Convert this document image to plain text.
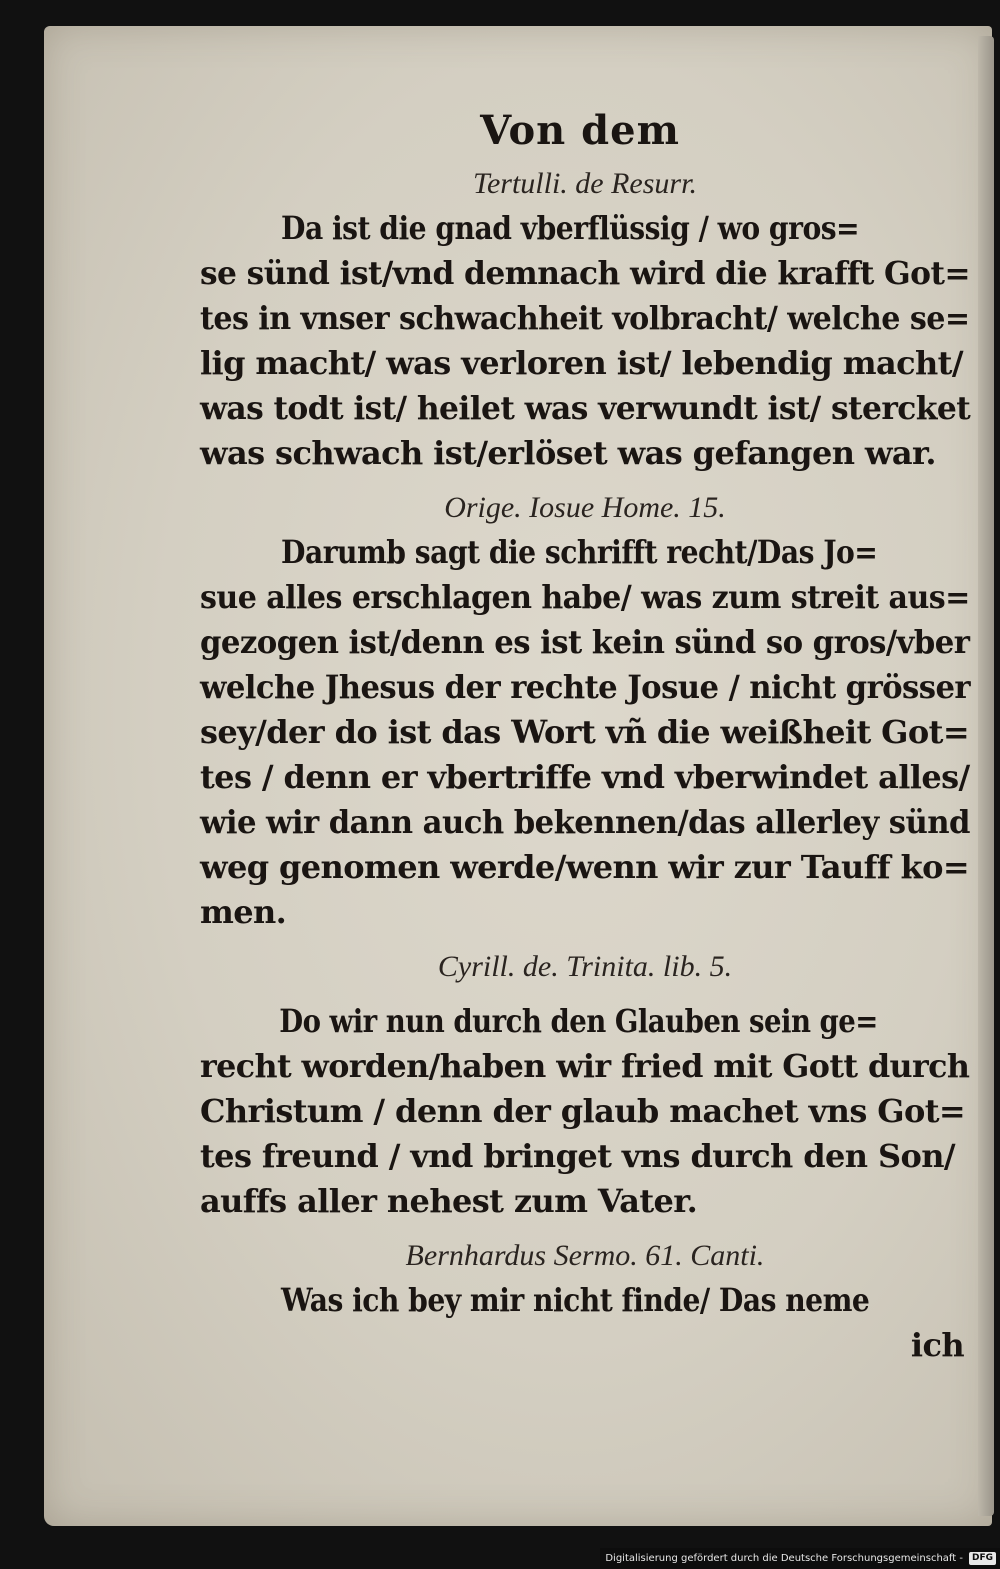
Von dem
Tertulli. de Resurr.

Da ist die gnad vberflüssig / wo gros=
se sünd ist/vnd demnach wird die krafft Got=
tes in vnser schwachheit volbracht/ welche se=
lig macht/ was verloren ist/ lebendig macht/
was todt ist/ heilet was verwundt ist/ stercket
was schwach ist/erlöset was gefangen war.

Orige. Iosue Home. 15.

Darumb sagt die schrifft recht/Das Jo=
sue alles erschlagen habe/ was zum streit aus=
gezogen ist/denn es ist kein sünd so gros/vber
welche Jhesus der rechte Josue / nicht grösser
sey/der do ist das Wort vñ die weißheit Got=
tes / denn er vbertriffe vnd vberwindet alles/
wie wir dann auch bekennen/das allerley sünd
weg genomen werde/wenn wir zur Tauff ko=
men.

Cyrill. de. Trinita. lib. 5.

Do wir nun durch den Glauben sein ge=
recht worden/haben wir fried mit Gott durch
Christum / denn der glaub machet vns Got=
tes freund / vnd bringet vns durch den Son/
auffs aller nehest zum Vater.

Bernhardus Sermo. 61. Canti.

Was ich bey mir nicht finde/ Das neme
ich

Digitalisierung gefördert durch die Deutsche Forschungsgemeinschaft -	DFG
